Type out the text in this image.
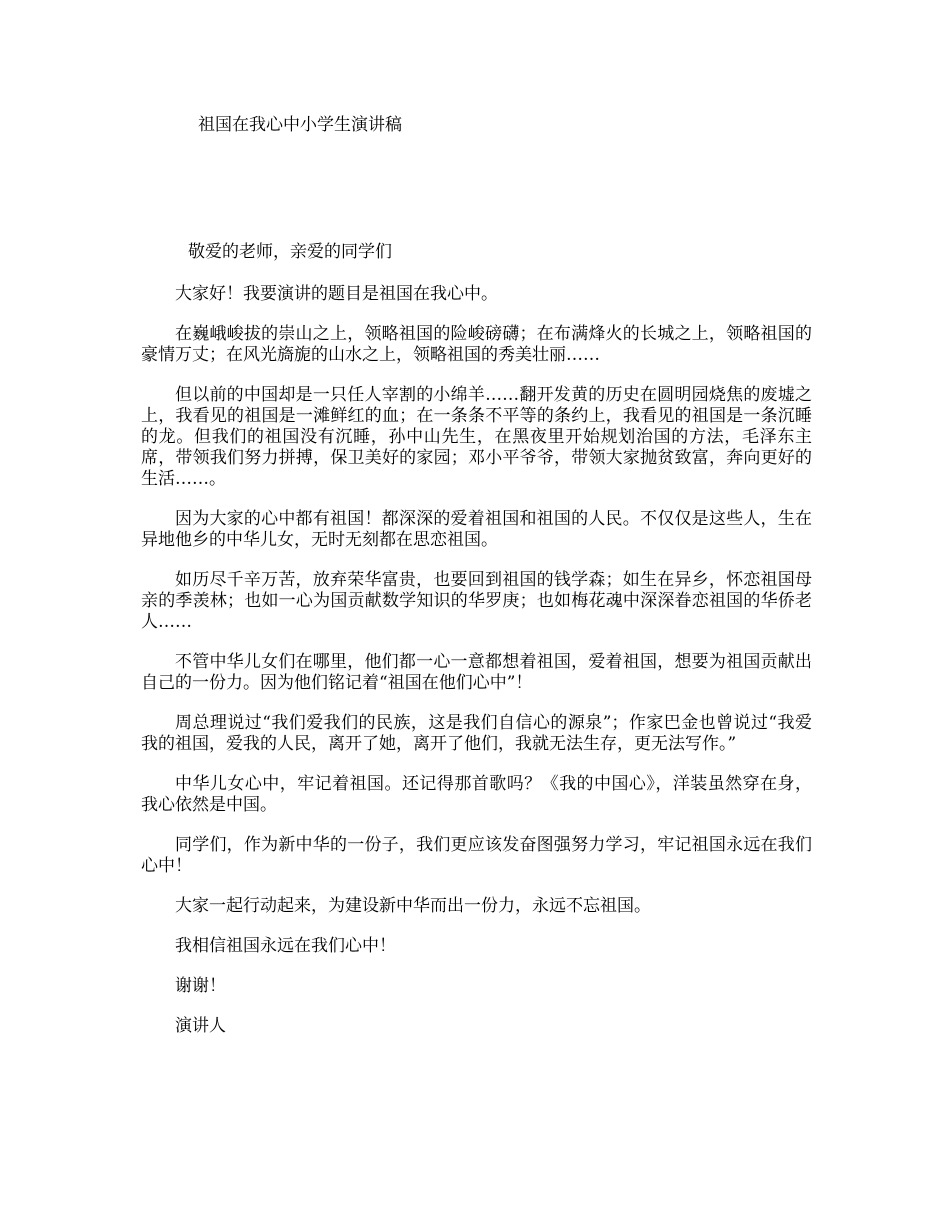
祖国在我心中小学生演讲稿
敬爱的老师，亲爱的同学们

大家好！我要演讲的题目是祖国在我心中。

在巍峨峻拔的崇山之上，领略祖国的险峻磅礴；在布满烽火的长城之上，领略祖国的豪情万丈；在风光旖旎的山水之上，领略祖国的秀美壮丽……

但以前的中国却是一只任人宰割的小绵羊……翻开发黄的历史在圆明园烧焦的废墟之上，我看见的祖国是一滩鲜红的血；在一条条不平等的条约上，我看见的祖国是一条沉睡的龙。但我们的祖国没有沉睡，孙中山先生，在黑夜里开始规划治国的方法，毛泽东主席，带领我们努力拼搏，保卫美好的家园；邓小平爷爷，带领大家抛贫致富，奔向更好的生活……。

因为大家的心中都有祖国！都深深的爱着祖国和祖国的人民。不仅仅是这些人，生在异地他乡的中华儿女，无时无刻都在思恋祖国。

如历尽千辛万苦，放弃荣华富贵，也要回到祖国的钱学森；如生在异乡，怀恋祖国母亲的季羡林；也如一心为国贡献数学知识的华罗庚；也如梅花魂中深深眷恋祖国的华侨老人……

不管中华儿女们在哪里，他们都一心一意都想着祖国，爱着祖国，想要为祖国贡献出自己的一份力。因为他们铭记着“祖国在他们心中”！

周总理说过“我们爱我们的民族，这是我们自信心的源泉”；作家巴金也曾说过“我爱我的祖国，爱我的人民，离开了她，离开了他们，我就无法生存，更无法写作。”

中华儿女心中，牢记着祖国。还记得那首歌吗？《我的中国心》，洋装虽然穿在身，我心依然是中国。

同学们，作为新中华的一份子，我们更应该发奋图强努力学习，牢记祖国永远在我们心中！

大家一起行动起来，为建设新中华而出一份力，永远不忘祖国。

我相信祖国永远在我们心中！

谢谢！

演讲人
